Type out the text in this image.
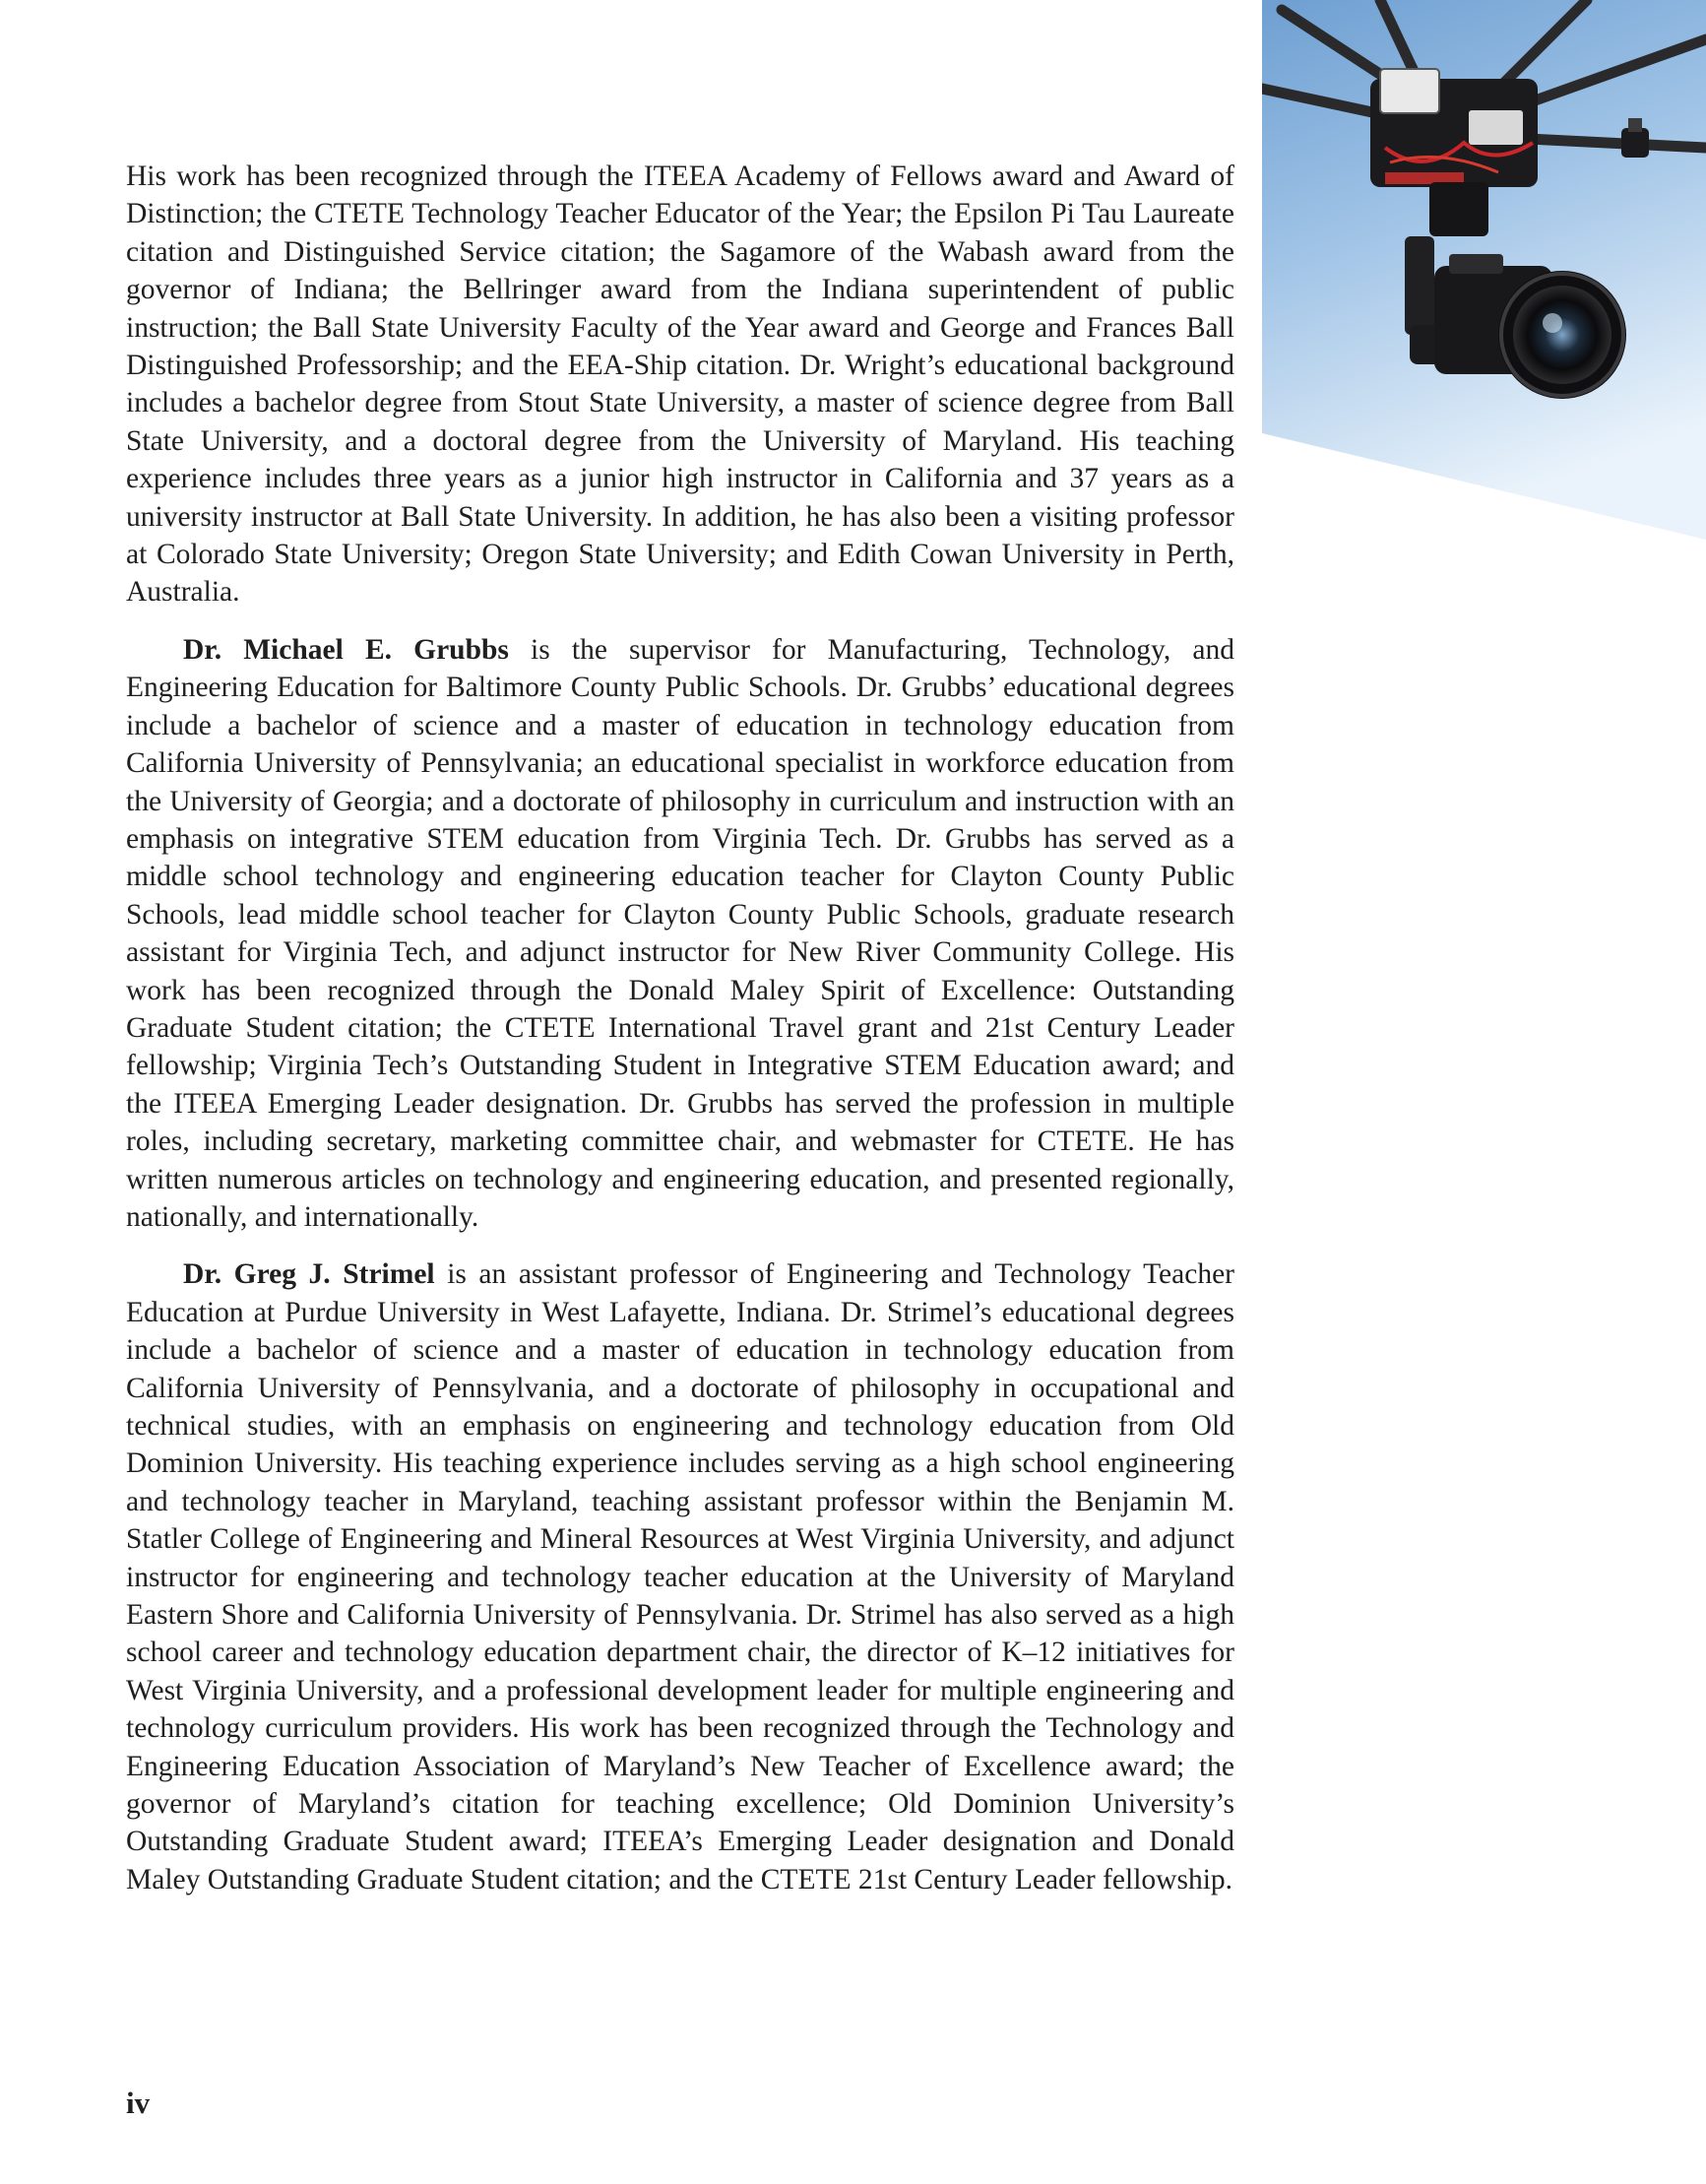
His work has been recognized through the ITEEA Academy of Fellows award and Award of Distinction; the CTETE Technology Teacher Educator of the Year; the Epsilon Pi Tau Laureate citation and Distinguished Service citation; the Sagamore of the Wabash award from the governor of Indiana; the Bellringer award from the Indiana superintendent of public instruction; the Ball State University Faculty of the Year award and George and Frances Ball Distinguished Professorship; and the EEA-Ship citation. Dr. Wright’s educational background includes a bachelor degree from Stout State University, a master of science degree from Ball State University, and a doctoral degree from the University of Maryland. His teaching experience includes three years as a junior high instructor in California and 37 years as a university instructor at Ball State University. In addition, he has also been a visiting professor at Colorado State University; Oregon State University; and Edith Cowan University in Perth, Australia.

Dr. Michael E. Grubbs is the supervisor for Manufacturing, Technology, and Engineering Education for Baltimore County Public Schools. Dr. Grubbs’ educational degrees include a bachelor of science and a master of education in technology education from California University of Pennsylvania; an educational specialist in workforce education from the University of Georgia; and a doctorate of philosophy in curriculum and instruction with an emphasis on integrative STEM education from Virginia Tech. Dr. Grubbs has served as a middle school technology and engineering education teacher for Clayton County Public Schools, lead middle school teacher for Clayton County Public Schools, graduate research assistant for Virginia Tech, and adjunct instructor for New River Community College. His work has been recognized through the Donald Maley Spirit of Excellence: Outstanding Graduate Student citation; the CTETE International Travel grant and 21st Century Leader fellowship; Virginia Tech’s Outstanding Student in Integrative STEM Education award; and the ITEEA Emerging Leader designation. Dr. Grubbs has served the profession in multiple roles, including secretary, marketing committee chair, and webmaster for CTETE. He has written numerous articles on technology and engineering education, and presented regionally, nationally, and internationally.

Dr. Greg J. Strimel is an assistant professor of Engineering and Technology Teacher Education at Purdue University in West Lafayette, Indiana. Dr. Strimel’s educational degrees include a bachelor of science and a master of education in technology education from California University of Pennsylvania, and a doctorate of philosophy in occupational and technical studies, with an emphasis on engineering and technology education from Old Dominion University. His teaching experience includes serving as a high school engineering and technology teacher in Maryland, teaching assistant professor within the Benjamin M. Statler College of Engineering and Mineral Resources at West Virginia University, and adjunct instructor for engineering and technology teacher education at the University of Maryland Eastern Shore and California University of Pennsylvania. Dr. Strimel has also served as a high school career and technology education department chair, the director of K–12 initiatives for West Virginia University, and a professional development leader for multiple engineering and technology curriculum providers. His work has been recognized through the Technology and Engineering Education Association of Maryland’s New Teacher of Excellence award; the governor of Maryland’s citation for teaching excellence; Old Dominion University’s Outstanding Graduate Student award; ITEEA’s Emerging Leader designation and Donald Maley Outstanding Graduate Student citation; and the CTETE 21st Century Leader fellowship.

iv
